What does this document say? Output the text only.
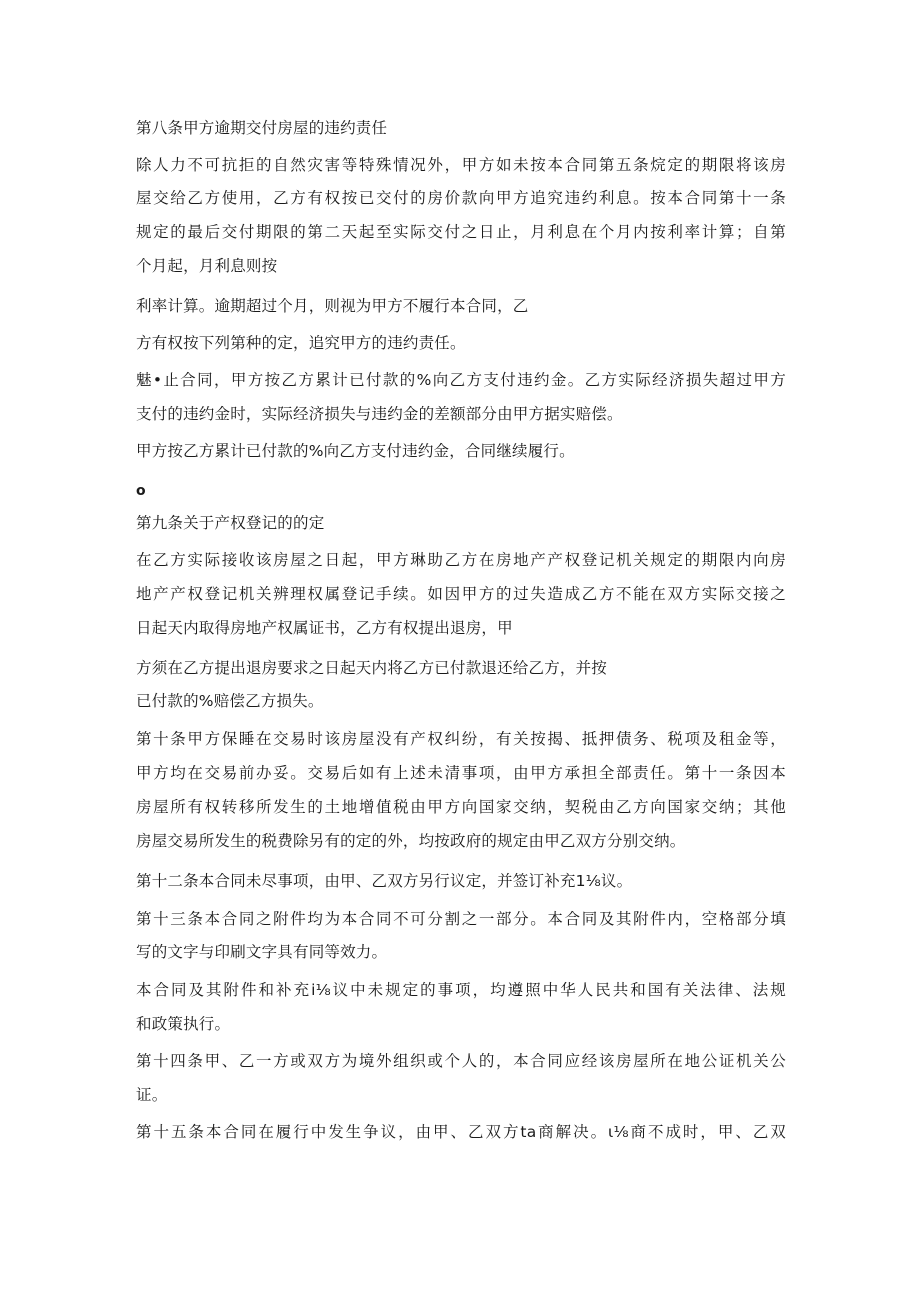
第八条甲方逾期交付房屋的违约责任
除人力不可抗拒的自然灾害等特殊情况外，甲方如未按本合同第五条烷定的期限将该房
屋交给乙方使用，乙方有权按已交付的房价款向甲方追究违约利息。按本合同第十一条
规定的最后交付期限的第二天起至实际交付之日止，月利息在个月内按利率计算；自第
个月起，月利息则按
利率计算。逾期超过个月，则视为甲方不履行本合同，乙
方有权按下列第种的定，追究甲方的违约责任。
魅•止合同，甲方按乙方累计已付款的%向乙方支付违约金。乙方实际经济损失超过甲方
支付的违约金时，实际经济损失与违约金的差额部分由甲方据实赔偿。
甲方按乙方累计已付款的%向乙方支付违约金，合同继续履行。
o
第九条关于产权登记的的定
在乙方实际接收该房屋之日起，甲方琳助乙方在房地产产权登记机关规定的期限内向房
地产产权登记机关辨理权属登记手续。如因甲方的过失造成乙方不能在双方实际交接之
日起天内取得房地产权属证书，乙方有权提出退房，甲
方须在乙方提出退房要求之日起天内将乙方已付款退还给乙方，并按
已付款的%赔偿乙方损失。
第十条甲方保睡在交易时该房屋没有产权纠纷，有关按揭、抵押债务、税项及租金等，
甲方均在交易前办妥。交易后如有上述未清事项，由甲方承担全部责任。第十一条因本
房屋所有权转移所发生的土地增值税由甲方向国家交纳，契税由乙方向国家交纳；其他
房屋交易所发生的税费除另有的定的外，均按政府的规定由甲乙双方分别交纳。
第十二条本合同未尽事项，由甲、乙双方另行议定，并签订补充1⅛议。
第十三条本合同之附件均为本合同不可分割之一部分。本合同及其附件内，空格部分填
写的文字与印刷文字具有同等效力。
本合同及其附件和补充i⅛议中未规定的事项，均遵照中华人民共和国有关法律、法规
和政策执行。
第十四条甲、乙一方或双方为境外组织或个人的，本合同应经该房屋所在地公证机关公
证。
第十五条本合同在履行中发生争议，由甲、乙双方ta商解决。ι⅛商不成时，甲、乙双
